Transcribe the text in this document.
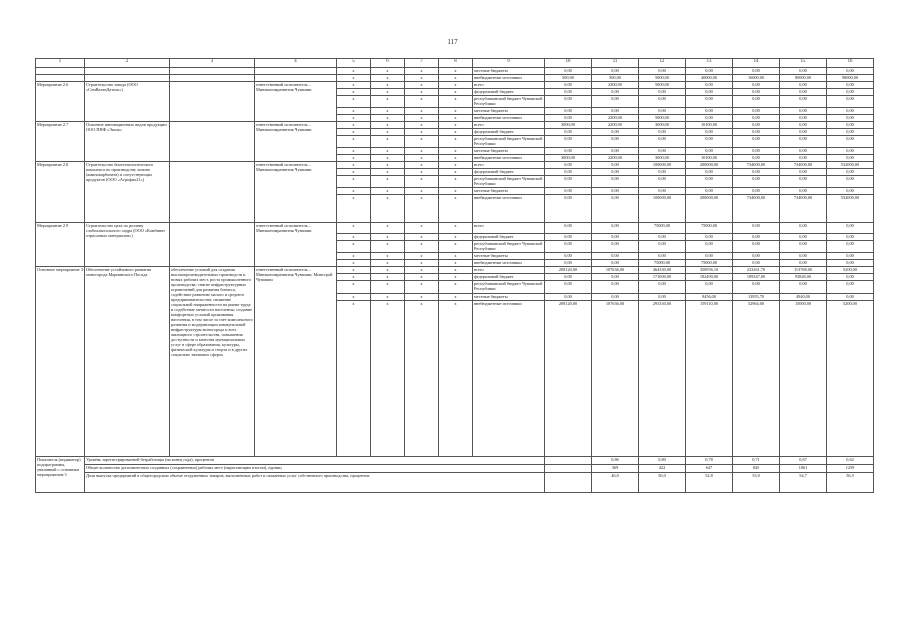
117
1	2	3	4	5	6	7	8	9	10	11	12	13	14	15	16	
				x	x	x	x	местные бюджеты	0,00	0,00	0,00	0,00	0,00	0,00	0,00	
				x	x	x	x	внебюджетные источники	500,00	500,00	5000,00	40000,00	16000,00	80000,00	98000,00	
Мероприятие 2.6	Строительство завода (ООО «СемВатанДаталь»)		ответственный исполнитель – Минэкономразвития Чувашии	x	x	x	x	всего	0,00	2300,00	5000,00	0,00	0,00	0,00	0,00	
				x	x	x	x	федеральный бюджет	0,00	0,00	0,00	0,00	0,00	0,00	0,00	
				x	x	x	x	республиканский бюджет Чувашской Республики	0,00	0,00	0,00	0,00	0,00	0,00	0,00	
				x	x	x	x	местные бюджеты	0,00	0,00	0,00	0,00	0,00	0,00	0,00	
				x	x	x	x	внебюджетные источники	0,00	2300,00	5000,00	0,00	0,00	0,00	0,00	
Мероприятие 2.7	Освоение инновационных видов продукции ООО ПНФ «Эколь»		ответственный исполнитель – Минэкономразвития Чувашии	x	x	x	x	всего	3000,00	2200,00	3000,00	10100,00	0,00	0,00	0,00	
				x	x	x	x	федеральный бюджет	0,00	0,00	0,00	0,00	0,00	0,00	0,00	
				x	x	x	x	республиканский бюджет Чувашской Республики	0,00	0,00	0,00	0,00	0,00	0,00	0,00	
				x	x	x	x	местные бюджеты	0,00	0,00	0,00	0,00	0,00	0,00	0,00	
				x	x	x	x	внебюджетные источники	3000,00	2200,00	3000,00	10100,00	0,00	0,00	0,00	
Мероприятие 2.8	Строительство биотехнологического комплекса по производству лизина (аминокарбоната) и сопутствующих продуктов (ООО «Агрофил21»)		ответственный исполнитель – Минэкономразвития Чувашии	x	x	x	x	всего	0,00	0,00	100000,00	200000,00	734000,00	734000,00	532000,00	
				x	x	x	x	федеральный бюджет	0,00	0,00	0,00	0,00	0,00	0,00	0,00	
				x	x	x	x	республиканский бюджет Чувашской Республики	0,00	0,00	0,00	0,00	0,00	0,00	0,00	
				x	x	x	x	местные бюджеты	0,00	0,00	0,00	0,00	0,00	0,00	0,00	
				x	x	x	x	внебюджетные источники	0,00	0,00	100000,00	200000,00	734000,00	734000,00	532000,00	
Мероприятие 2.9	Строительство цеха по розливу слабоалкогольного сидра (ООО «Комбинат отраслевых материалов»)		ответственный исполнитель – Минэкономразвития Чувашии	x	x	x	x	всего	0,00	0,00	75000,00	75000,00	0,00	0,00	0,00	
				x	x	x	x	федеральный бюджет	0,00	0,00	0,00	0,00	0,00	0,00	0,00	
				x	x	x	x	республиканский бюджет Чувашской Республики	0,00	0,00	0,00	0,00	0,00	0,00	0,00	
				x	x	x	x	местные бюджеты	0,00	0,00	0,00	0,00	0,00	0,00	0,00	
				x	x	x	x	внебюджетные источники	0,00	0,00	75000,00	75000,00	0,00	0,00	0,00	
Основное мероприятие 3	Обеспечение устойчивого развития моногорода Мариинского Посада	обеспечение условий для создания высокопроизводительных производств и новых рабочих мест, роста промышленного производства; снятие инфраструктурных ограничений для развития бизнеса, содействие развитию малого и среднего предпринимательства; снижение социальной напряженности на рынке труда и содействие занятости населения; создание комфортных условий проживания населения, в том числе за счет комплексного развития и модернизации коммунальной инфраструктуры моногорода и всех жилищного строительства, повышения доступности и качества муниципальных услуг в сфере образования, культуры, физической культуры и спорта и в других социально значимых сферах	ответственный исполнитель – Минэкономразвития Чувашии, Минстрой Чувашии	x	x	x	x	всего	208120,00	107636,00	464330,00	350956,10	233261,70	113768,00	5200,00	
				x	x	x	x	федеральный бюджет	0,00	0,00	171000,00	182490,00	189347,00	93828,00	0,00	
				x	x	x	x	республиканский бюджет Чувашской Республики	0,00	0,00	0,00	0,00	0,00	0,00	0,00	
				x	x	x	x	местные бюджеты	0,00	0,00	0,00	9456,00	13955,70	4940,00	0,00	
				x	x	x	x	внебюджетные источники	208120,00	107636,00	293330,00	159110,00	52964,00	15000,00	5200,00	
Показатель (индикатор) подпрограммы, увязанный с основным мероприятием 3	Уровень зарегистрированной безработицы (на конец года), процентов									0,86	0,80	0,78	0,71	0,67	0,62	
	Общее количество дополнительно созданных (сохраненных) рабочих мест (нарастающим итогом), единиц									369	422	647	845	1061	1259	
	Доля выпуска предприятий в общегородском объеме отгруженных товаров, выполненных работ и оказанных услуг собственного производства, процентов									46,0	50,0	52,8	53,9	54,7	56,5	
